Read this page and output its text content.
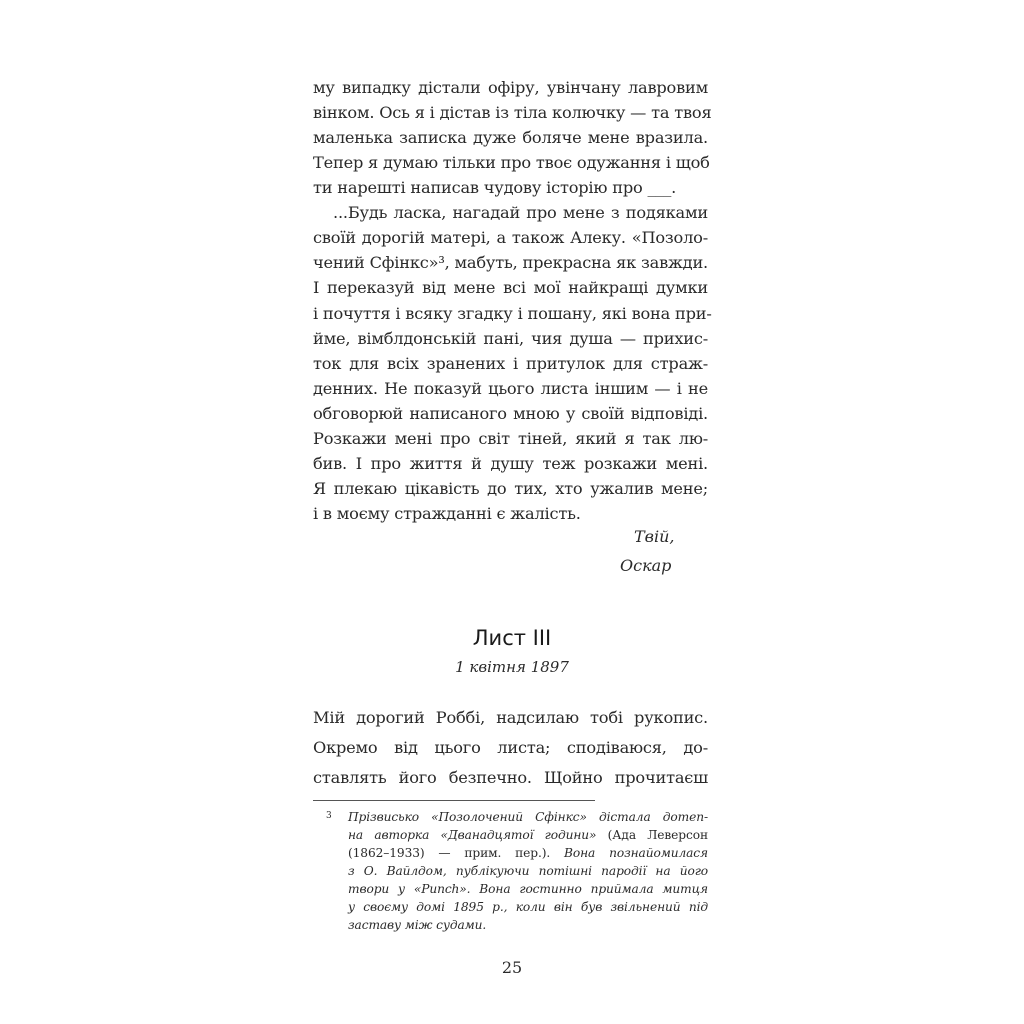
му випадку дістали офіру, увінчану лавровим
вінком. Ось я і дістав із тіла колючку — та твоя
маленька записка дуже боляче мене вразила.
Тепер я думаю тільки про твоє одужання і щоб
ти нарешті написав чудову історію про ___.
...Будь ласка, нагадай про мене з подяками
своїй дорогій матері, а також Алеку. «Позоло-
чений Сфінкс»³, мабуть, прекрасна як завжди.
І переказуй від мене всі мої найкращі думки
і почуття і всяку згадку і пошану, які вона при-
йме, вімблдонській пані, чия душа — прихис-
ток для всіх зранених і притулок для страж-
денних. Не показуй цього листа іншим — і не
обговорюй написаного мною у своїй відповіді.
Розкажи мені про світ тіней, який я так лю-
бив. І про життя й душу теж розкажи мені.
Я плекаю цікавість до тих, хто ужалив мене;
і в моєму стражданні є жалість.
Твій,
Оскар
Лист III
1 квітня 1897
Мій дорогий Роббі, надсилаю тобі рукопис.
Окремо від цього листа; сподіваюся, до-
ставлять його безпечно. Щойно прочитаєш
3 Прізвисько «Позолочений Сфінкс» дістала дотеп-
на авторка «Дванадцятої години» (Ада Леверсон
(1862–1933) — прим. пер.). Вона познайомилася
з О. Вайлдом, публікуючи потішні пародії на його
твори у «Punch». Вона гостинно приймала митця
у своєму домі 1895 р., коли він був звільнений під
заставу між судами.
25
